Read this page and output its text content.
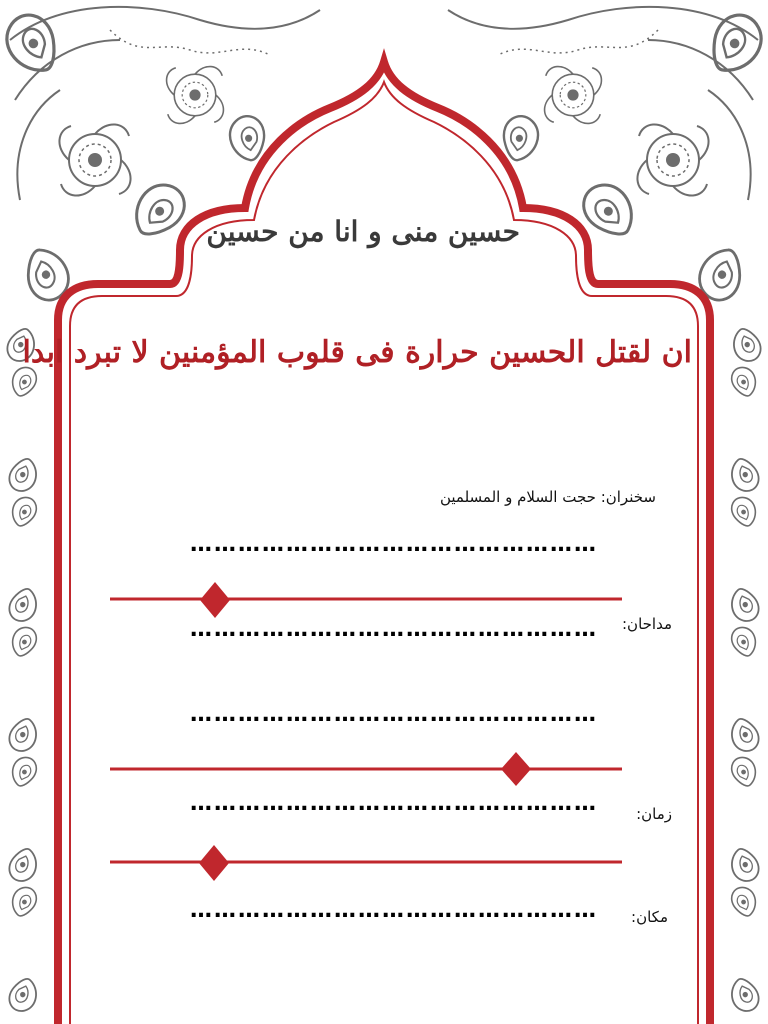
حسین منی و انا من حسین
ان لقتل الحسین حرارة فی قلوب المؤمنین لا تبرد ابدا
سخنران: حجت السلام و المسلمین
……………………………………………
مداحان:
……………………………………………
……………………………………………
زمان:
……………………………………………
مکان:
……………………………………………
